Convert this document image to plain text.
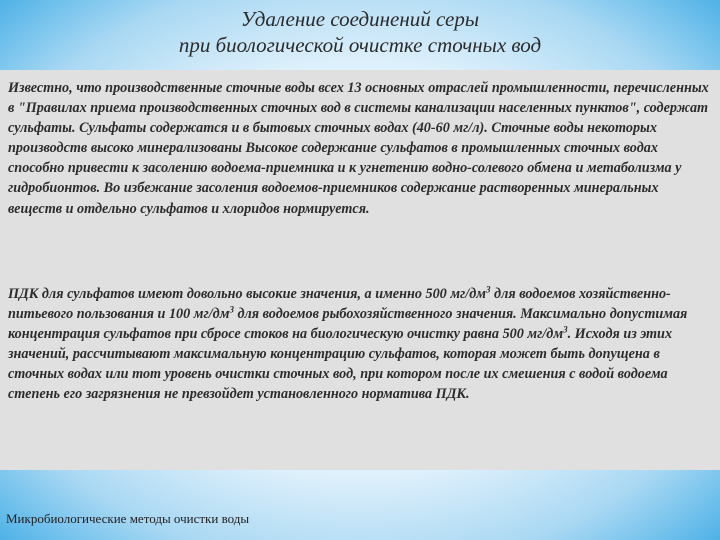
Удаление соединений серы
при биологической очистке сточных вод

Известно, что производственные сточные воды всех 13 основных отраслей промышленности, перечисленных в "Правилах приема производственных сточных вод в системы канализации населенных пунктов", содержат сульфаты. Сульфаты содержатся и в бытовых сточных водах (40-60 мг/л). Сточные воды некоторых производств высоко минерализованы Высокое содержание сульфатов в промышленных сточных водах способно привести к засолению водоема-приемника и к угнетению водно-солевого обмена и метаболизма у гидробионтов. Во избежание засоления водоемов-приемников содержание растворенных минеральных веществ и отдельно сульфатов и хлоридов нормируется.

ПДК для сульфатов имеют довольно высокие значения, а именно 500 $мг/дм^3$ для водоемов хозяйственно-питьевого пользования и 100 $мг/дм^3$ для водоемов рыбохозяйственного значения. Максимально допустимая концентрация сульфатов при сбросе стоков на биологическую очистку равна 500 $мг/дм^3$. Исходя из этих значений, рассчитывают максимальную концентрацию сульфатов, которая может быть допущена в сточных водах или тот уровень очистки сточных вод, при котором после их смешения с водой водоема степень его загрязнения не превзойдет установленного норматива ПДК.

Микробиологические методы очистки воды
